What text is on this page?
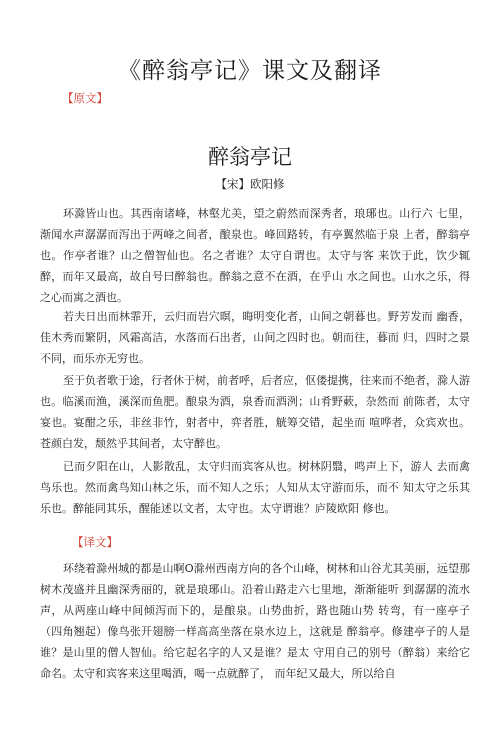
《醉翁亭记》课文及翻译
【原文】
醉翁亭记
【宋】欧阳修
环滁皆山也。其西南诸峰，林壑尤美，望之蔚然而深秀者，琅琊也。山行六 七里，渐闻水声潺潺而泻出于两峰之间者，酿泉也。峰回路转，有亭翼然临于泉 上者，醉翁亭也。作亭者谁？山之僧智仙也。名之者谁？太守自谓也。太守与客 来饮于此，饮少辄醉，而年又最高，故自号曰醉翁也。醉翁之意不在酒，在乎山 水之间也。山水之乐，得之心而寓之酒也。
若夫日出而林霏开，云归而岩穴暝，晦明变化者，山间之朝暮也。野芳发而 幽香，佳木秀而繁阴，风霜高洁，水落而石出者，山间之四时也。朝而往，暮而 归，四时之景不同，而乐亦无穷也。
至于负者歌于途，行者休于树，前者呼，后者应，伛偻提携，往来而不绝者，滁人游也。临溪而渔，溪深而鱼肥。酿泉为酒，泉香而酒洌；山肴野蔌，杂然而 前陈者，太守宴也。宴酣之乐，非丝非竹，射者中，弈者胜，觥筹交错，起坐而 喧哗者，众宾欢也。苍颜白发，颓然乎其间者，太守醉也。
已而夕阳在山，人影散乱，太守归而宾客从也。树林阴翳，鸣声上下，游人 去而禽鸟乐也。然而禽鸟知山林之乐，而不知人之乐；人知从太守游而乐，而不 知太守之乐其乐也。醉能同其乐，醒能述以文者，太守也。太守谓谁？庐陵欧阳 修也。
【译文】
环绕着滁州城的都是山啊O滁州西南方向的各个山峰，树林和山谷尤其美丽，远望那树木茂盛并且幽深秀丽的，就是琅琊山。沿着山路走六七里地，渐渐能听 到潺潺的流水声，从两座山峰中间倾泻而下的，是酿泉。山势曲折，路也随山势 转弯，有一座亭子（四角翘起）像鸟张开翅膀一样高高坐落在泉水边上，这就是 醉翁亭。修建亭子的人是谁？是山里的僧人智仙。给它起名字的人又是谁？是太 守用自己的别号（醉翁）来给它命名。太守和宾客来这里喝酒，喝一点就醉了， 而年纪又最大，所以给自
